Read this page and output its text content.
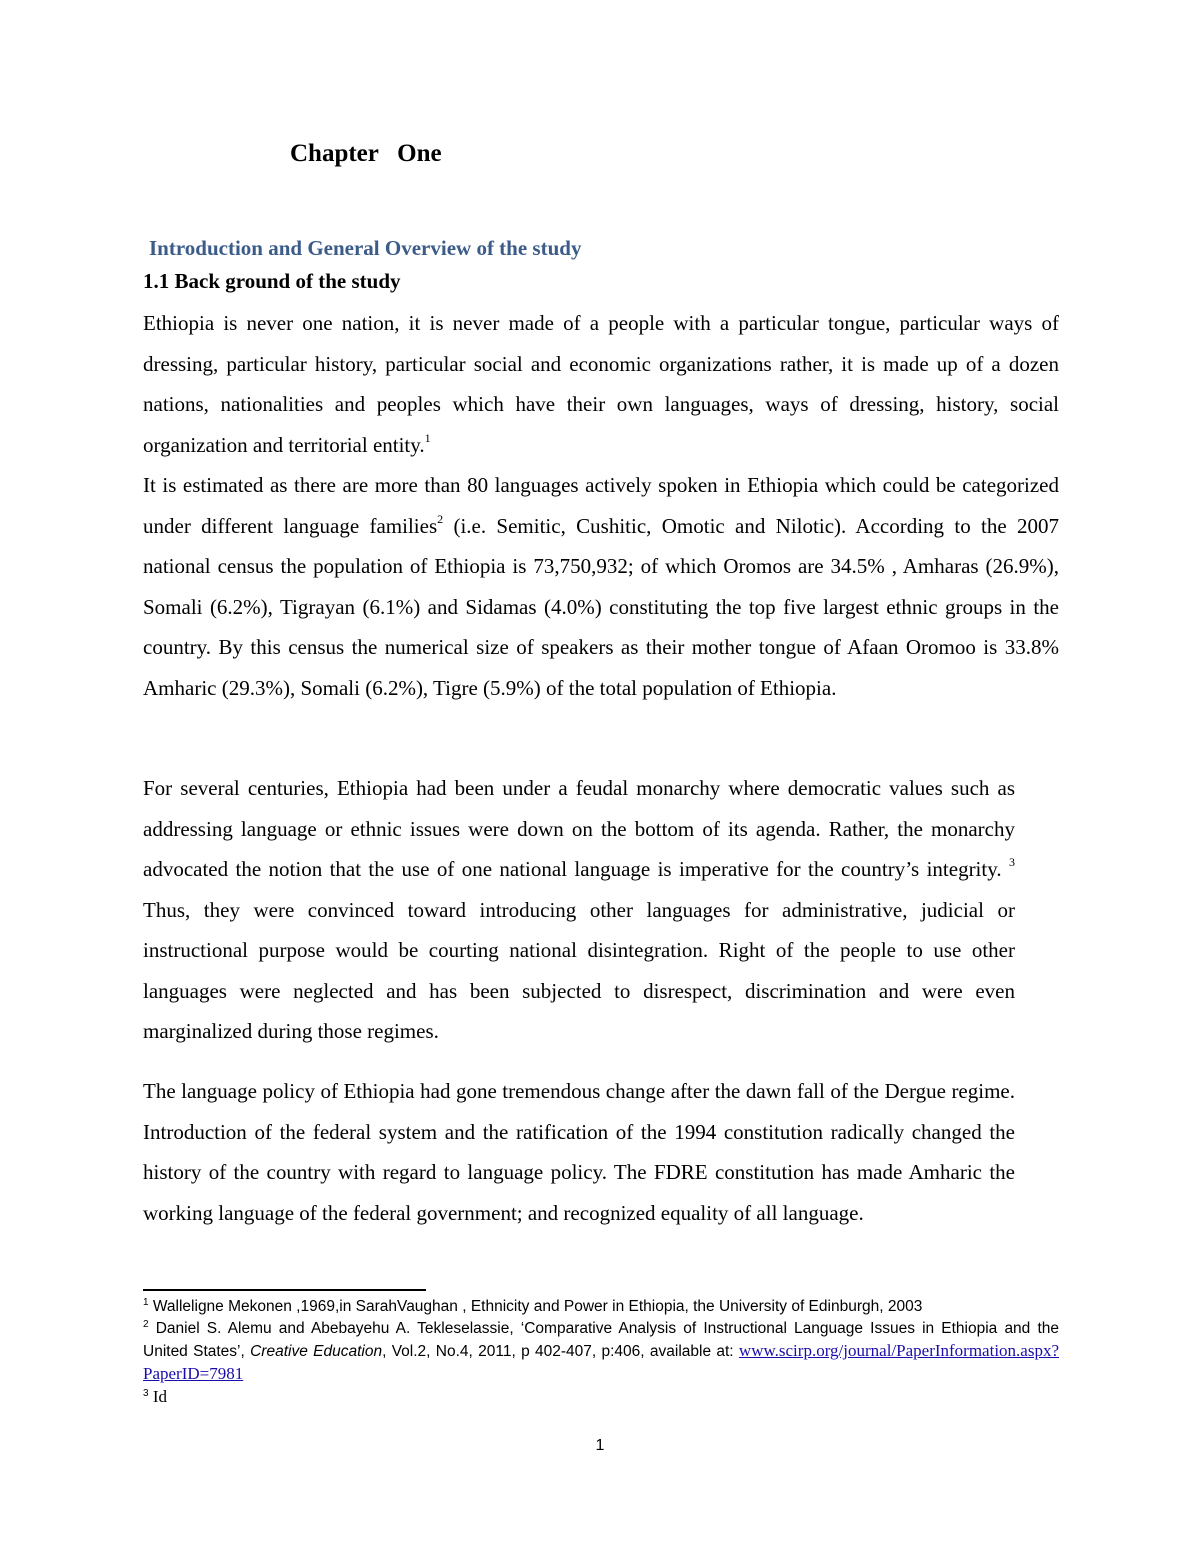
Chapter   One
Introduction and General Overview of the study
1.1 Back ground of the study

Ethiopia is never one nation, it is never made of a people with a particular tongue, particular ways of dressing, particular history, particular social and economic organizations rather, it is made up of a dozen nations, nationalities and peoples which have their own languages, ways of dressing, history, social organization and territorial entity.$^1$

It is estimated as there are more than 80 languages actively spoken in Ethiopia which could be categorized under different language families$^2$ (i.e. Semitic, Cushitic, Omotic and Nilotic). According to the 2007 national census the population of Ethiopia is 73,750,932; of which Oromos are 34.5% , Amharas (26.9%), Somali (6.2%), Tigrayan (6.1%) and Sidamas (4.0%) constituting the top five largest ethnic groups in the country. By this census the numerical size of speakers as their mother tongue of Afaan Oromoo is 33.8% Amharic (29.3%), Somali (6.2%), Tigre (5.9%) of the total population of Ethiopia.

For several centuries, Ethiopia had been under a feudal monarchy where democratic values such as addressing language or ethnic issues were down on the bottom of its agenda. Rather, the monarchy advocated the notion that the use of one national language is imperative for the country’s integrity. $^3$ Thus, they were convinced toward introducing other languages for administrative, judicial or instructional purpose would be courting national disintegration. Right of the people to use other languages were neglected and has been subjected to disrespect, discrimination and were even marginalized during those regimes.

The language policy of Ethiopia had gone tremendous change after the dawn fall of the Dergue regime. Introduction of the federal system and the ratification of the 1994 constitution radically changed the history of the country with regard to language policy. The FDRE constitution has made Amharic the working language of the federal government; and recognized equality of all language.

$^1$ Walleligne Mekonen ,1969,in SarahVaughan , Ethnicity and Power in Ethiopia, the University of Edinburgh, 2003

$^2$ Daniel S. Alemu and Abebayehu A. Tekleselassie, ‘Comparative Analysis of Instructional Language Issues in Ethiopia and the United States’, Creative Education, Vol.2, No.4, 2011, p 402-407, p:406, available at: www.scirp.org/journal/PaperInformation.aspx?PaperID=7981

$^3$ Id

1
